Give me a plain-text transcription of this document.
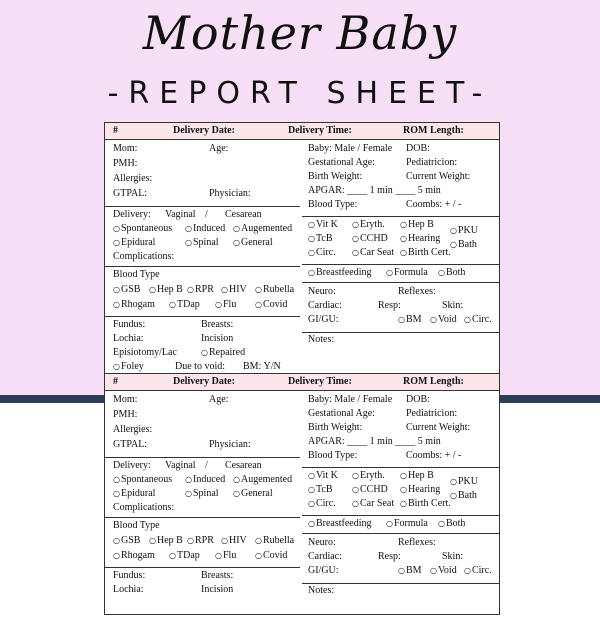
Mother Baby
-REPORT SHEET-
#	Delivery Date:	Delivery Time:	ROM Length:
Mom:	Age:
PMH:
Allergies:
GTPAL:	Physician:
Delivery: Vaginal / Cesarean
○ Spontaneous	○ Induced	○ Augemented
○ Epidural	○ Spinal	○ General
Complications:
Blood Type
○ GSB	○ Hep B	○ RPR	○ HIV	○ Rubella
○ Rhogam	○ TDap	○ Flu	○ Covid
Fundus:	Breasts:
Lochia:	Incision
Episiotomy/Lac	○ Repaired
○ Foley	Due to void: BM: Y/N
Baby: Male / Female DOB:
Gestational Age:	Pediatricion:
Birth Weight:	Current Weight:
APGAR: ____ 1 min ____ 5 min
Blood Type:	Coombs: + / -
○ Vit K	○ Eryth.	○ Hep B
○ PKU
○ TcB	○ CCHD	○ Hearing
○ Bath
○ Circ.	○ Car Seat	○ Birth Cert.
○ Breastfeeding	○ Formula	○ Both
Neuro:	Reflexes:
Cardiac:	Resp:	Skin:
GI/GU:	○ BM	○ Void	○ Circ.
Notes:
#	Delivery Date:	Delivery Time:	ROM Length:
Mom:	Age:
PMH:
Allergies:
GTPAL:	Physician:
Delivery: Vaginal / Cesarean
○ Spontaneous	○ Induced	○ Augemented
○ Epidural	○ Spinal	○ General
Complications:
Blood Type
○ GSB	○ Hep B	○ RPR	○ HIV	○ Rubella
○ Rhogam	○ TDap	○ Flu	○ Covid
Fundus:	Breasts:
Lochia:	Incision
Baby: Male / Female DOB:
Gestational Age:	Pediatricion:
Birth Weight:	Current Weight:
APGAR: ____ 1 min ____ 5 min
Blood Type:	Coombs: + / -
○ Vit K	○ Eryth.	○ Hep B
○ PKU
○ TcB	○ CCHD	○ Hearing
○ Bath
○ Circ.	○ Car Seat	○ Birth Cert.
○ Breastfeeding	○ Formula	○ Both
Neuro:	Reflexes:
Cardiac:	Resp:	Skin:
GI/GU:	○ BM	○ Void	○ Circ.
Notes:
